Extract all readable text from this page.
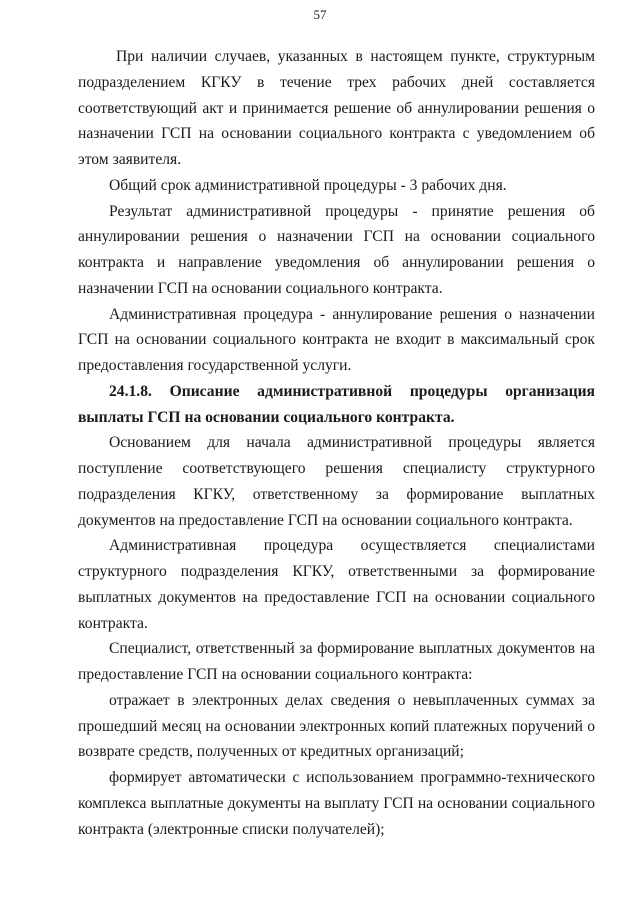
57

При наличии случаев, указанных в настоящем пункте, структурным подразделением КГКУ в течение трех рабочих дней составляется соответствующий акт и принимается решение об аннулировании решения о назначении ГСП на основании социального контракта с уведомлением об этом заявителя.

Общий срок административной процедуры - 3 рабочих дня.

Результат административной процедуры - принятие решения об аннулировании решения о назначении ГСП на основании социального контракта и направление уведомления об аннулировании решения о назначении ГСП на основании социального контракта.

Административная процедура - аннулирование решения о назначении ГСП на основании социального контракта не входит в максимальный срок предоставления государственной услуги.

24.1.8. Описание административной процедуры организация выплаты ГСП на основании социального контракта.

Основанием для начала административной процедуры является поступление соответствующего решения специалисту структурного подразделения КГКУ, ответственному за формирование выплатных документов на предоставление ГСП на основании социального контракта.

Административная процедура осуществляется специалистами структурного подразделения КГКУ, ответственными за формирование выплатных документов на предоставление ГСП на основании социального контракта.

Специалист, ответственный за формирование выплатных документов на предоставление ГСП на основании социального контракта:

отражает в электронных делах сведения о невыплаченных суммах за прошедший месяц на основании электронных копий платежных поручений о возврате средств, полученных от кредитных организаций;

формирует автоматически с использованием программно-технического комплекса выплатные документы на выплату ГСП на основании социального контракта (электронные списки получателей);
